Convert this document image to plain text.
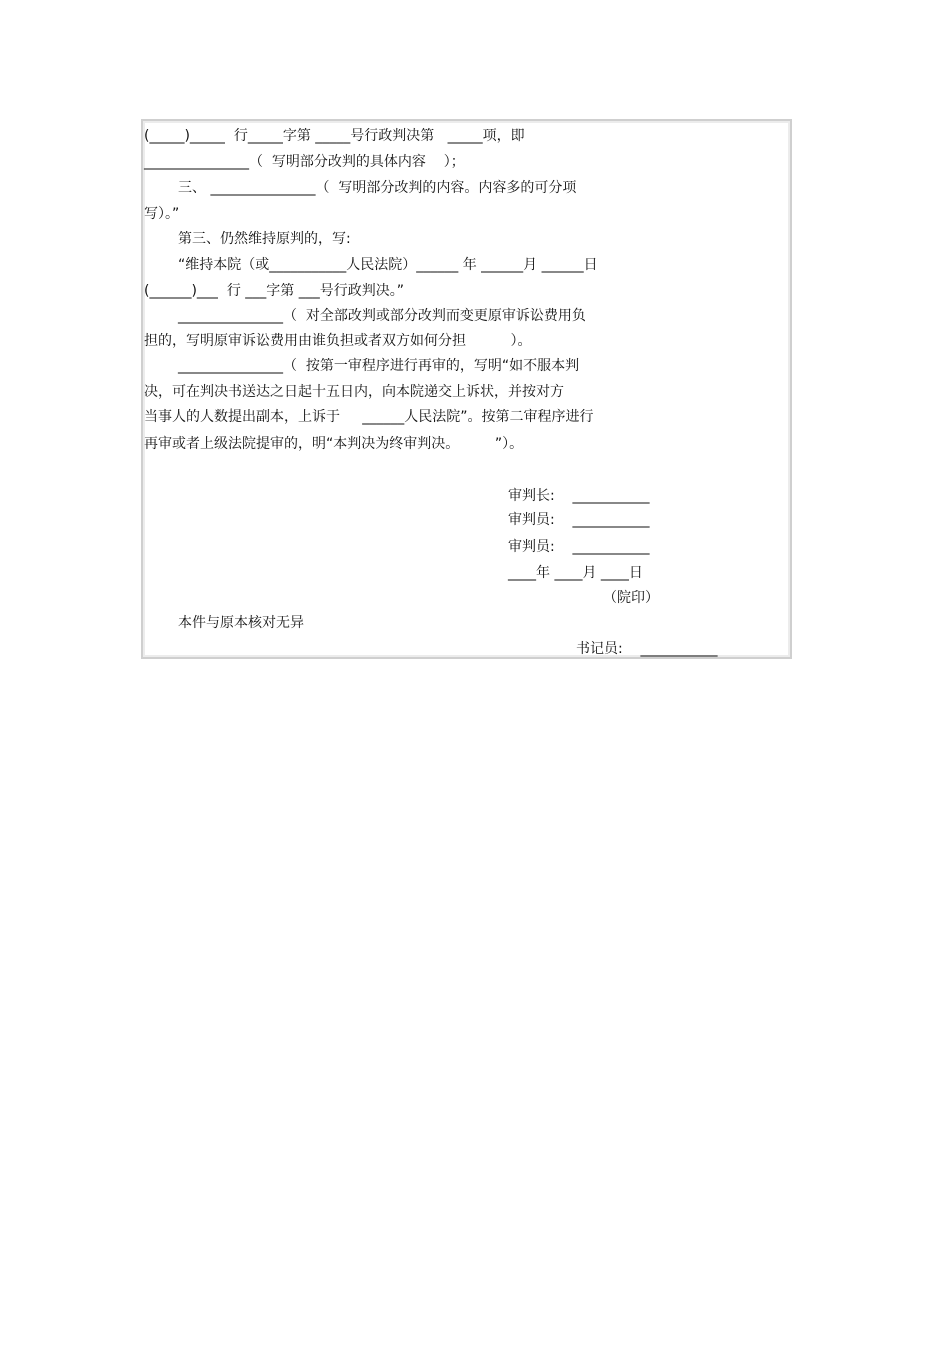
(_____)_____  行_____字第 _____号行政判决第   _____项，即

_______________（  写明部分改判的具体内容    ）；

三、 _______________（  写明部分改判的内容。内容多的可分项

写）。”

第三、仍然维持原判的，写:

“维持本院（或___________人民法院）______ 年 ______月 ______日

(______)___  行 ___字第 ___号行政判决。”

_______________（  对全部改判或部分改判而变更原审诉讼费用负

担的，写明原审诉讼费用由谁负担或者双方如何分担          ）。

_______________（  按第一审程序进行再审的，写明“如不服本判

决，可在判决书送达之日起十五日内，向本院递交上诉状，并按对方

当事人的人数提出副本，上诉于     ______人民法院”。按第二审程序进行

再审或者上级法院提审的，明“本判决为终审判决。        ”）。

审判长:    ___________

审判员:    ___________

审判员:    ___________

____年 ____月 ____日

（院印）

本件与原本核对无异

书记员:    ___________
